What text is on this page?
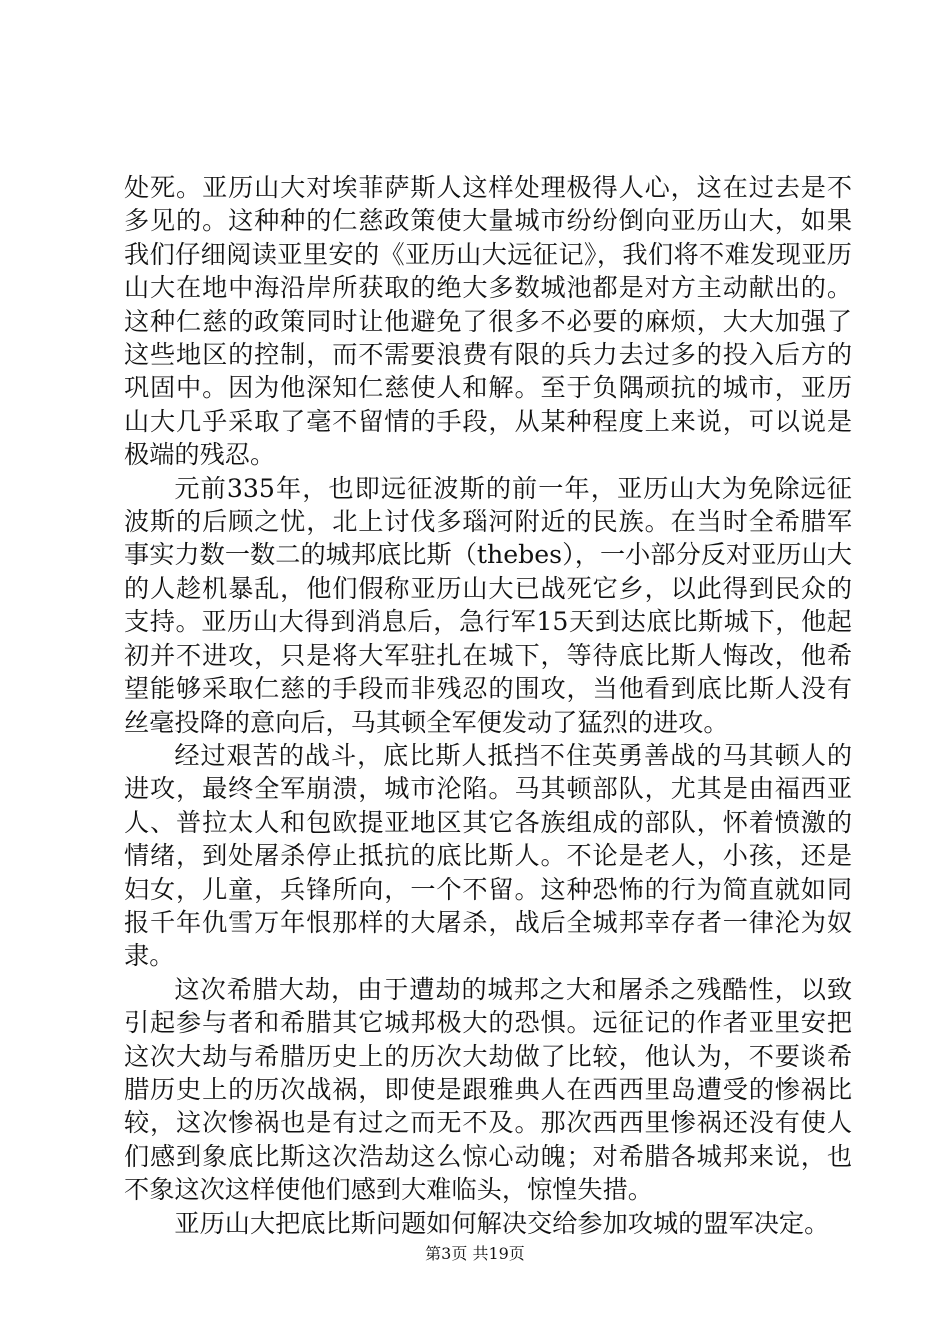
处死。亚历山大对埃菲萨斯人这样处理极得人心，这在过去是不多见的。这种种的仁慈政策使大量城市纷纷倒向亚历山大，如果我们仔细阅读亚里安的《亚历山大远征记》，我们将不难发现亚历山大在地中海沿岸所获取的绝大多数城池都是对方主动献出的。这种仁慈的政策同时让他避免了很多不必要的麻烦，大大加强了这些地区的控制，而不需要浪费有限的兵力去过多的投入后方的巩固中。因为他深知仁慈使人和解。至于负隅顽抗的城市，亚历山大几乎采取了毫不留情的手段，从某种程度上来说，可以说是极端的残忍。

元前335年，也即远征波斯的前一年，亚历山大为免除远征波斯的后顾之忧，北上讨伐多瑙河附近的民族。在当时全希腊军事实力数一数二的城邦底比斯（thebes），一小部分反对亚历山大的人趁机暴乱，他们假称亚历山大已战死它乡，以此得到民众的支持。亚历山大得到消息后，急行军15天到达底比斯城下，他起初并不进攻，只是将大军驻扎在城下，等待底比斯人悔改，他希望能够采取仁慈的手段而非残忍的围攻，当他看到底比斯人没有丝毫投降的意向后，马其顿全军便发动了猛烈的进攻。

经过艰苦的战斗，底比斯人抵挡不住英勇善战的马其顿人的进攻，最终全军崩溃，城市沦陷。马其顿部队，尤其是由福西亚人、普拉太人和包欧提亚地区其它各族组成的部队，怀着愤激的情绪，到处屠杀停止抵抗的底比斯人。不论是老人，小孩，还是妇女，儿童，兵锋所向，一个不留。这种恐怖的行为简直就如同报千年仇雪万年恨那样的大屠杀，战后全城邦幸存者一律沦为奴隶。

这次希腊大劫，由于遭劫的城邦之大和屠杀之残酷性，以致引起参与者和希腊其它城邦极大的恐惧。远征记的作者亚里安把这次大劫与希腊历史上的历次大劫做了比较，他认为，不要谈希腊历史上的历次战祸，即使是跟雅典人在西西里岛遭受的惨祸比较，这次惨祸也是有过之而无不及。那次西西里惨祸还没有使人们感到象底比斯这次浩劫这么惊心动魄；对希腊各城邦来说，也不象这次这样使他们感到大难临头，惊惶失措。

亚历山大把底比斯问题如何解决交给参加攻城的盟军决定。

第3页 共19页
